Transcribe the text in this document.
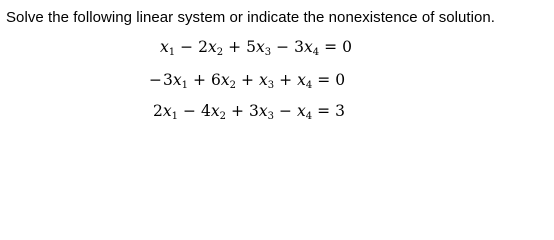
Solve the following linear system or indicate the nonexistence of solution.
$x_1 - 2x_2 + 5x_3 - 3x_4 = 0$
$-3x_1 + 6x_2 + x_3 + x_4 = 0$
$2x_1 - 4x_2 + 3x_3 - x_4 = 3$
